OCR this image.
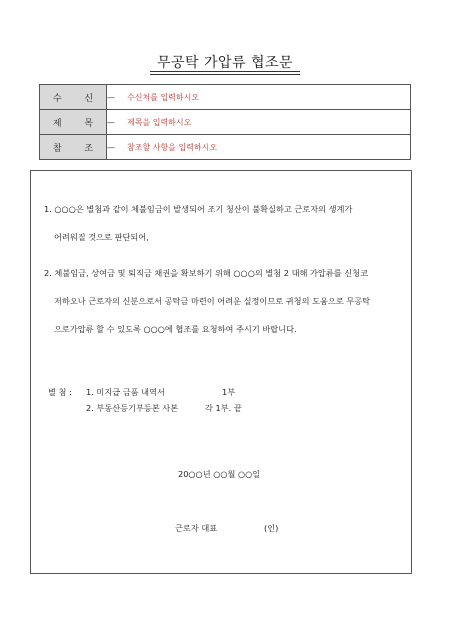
무공탁 가압류 협조문
수 신	—	수신처를 입력하시오
제 목	—	제목을 입력하시오
참 조	—	참조할 사항을 입력하시오
1. ○○○은 별첨과 같이 체불임금이 발생되어 조기 청산이 불확실하고 근로자의 생계가
어려워질 것으로 판단되어,
2. 체불임금, 상여금 및 퇴직금 채권을 확보하기 위해 ○○○의 별첨 2 대해 가압류를 신청코
저하오나 근로자의 신분으로서 공탁금 마련이 어려운 실정이므로 귀청의 도움으로 무공탁
으로가압류 할 수 있도록 ○○○에 협조를 요청하여 주시기 바랍니다.
별 첨 : 1. 미지급 금품 내역서	1부
2. 부동산등기부등본 사본	각 1부. 끝
20○○년 ○○월 ○○일
근로자 대표	(인)
